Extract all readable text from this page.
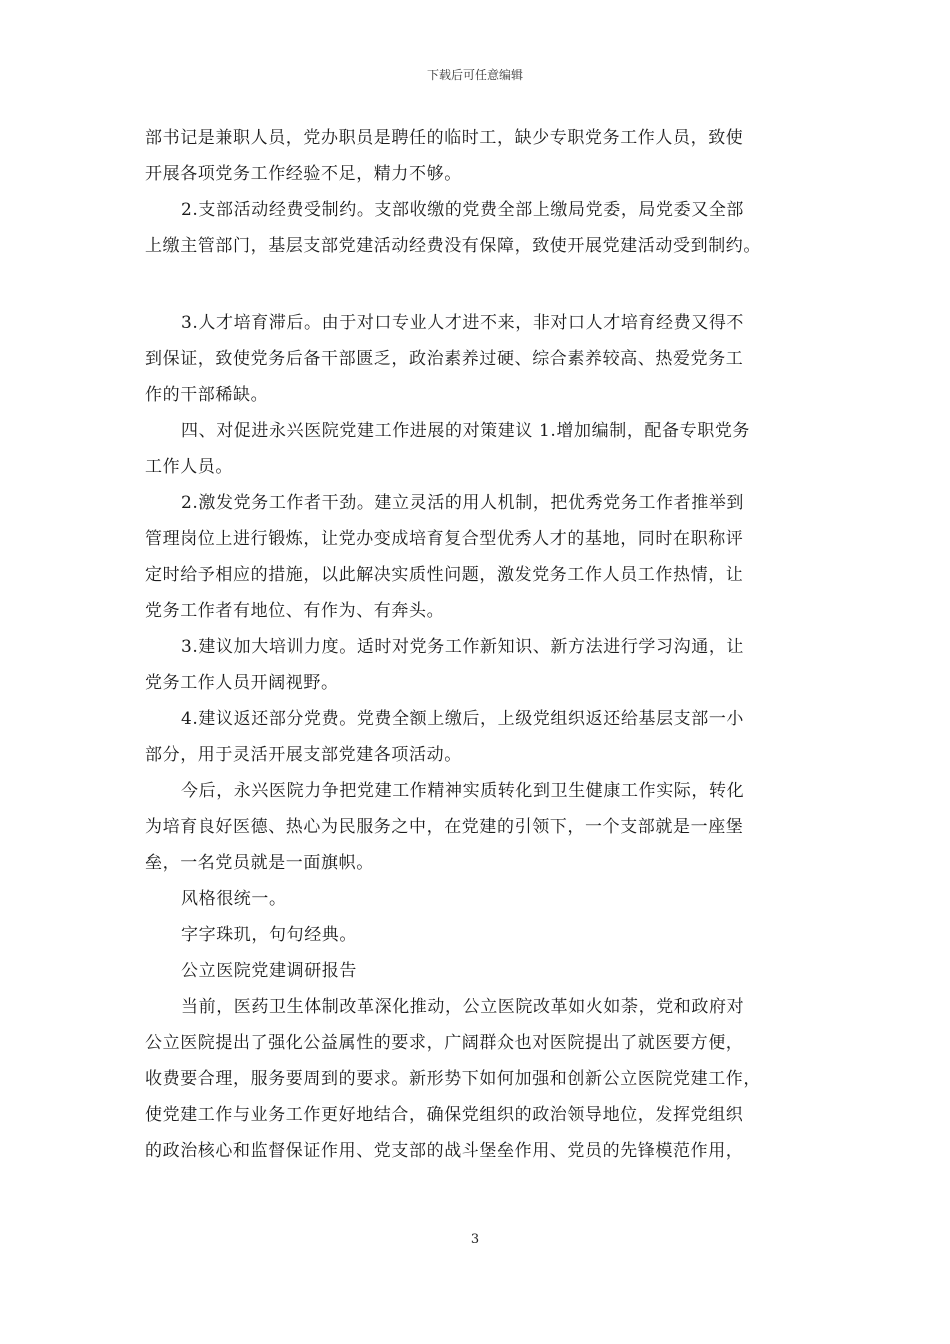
下载后可任意编辑
部书记是兼职人员，党办职员是聘任的临时工，缺少专职党务工作人员，致使
开展各项党务工作经验不足，精力不够。
2.支部活动经费受制约。支部收缴的党费全部上缴局党委，局党委又全部
上缴主管部门，基层支部党建活动经费没有保障，致使开展党建活动受到制约。
3.人才培育滞后。由于对口专业人才进不来，非对口人才培育经费又得不
到保证，致使党务后备干部匮乏，政治素养过硬、综合素养较高、热爱党务工
作的干部稀缺。
四、对促进永兴医院党建工作进展的对策建议 1.增加编制，配备专职党务
工作人员。
2.激发党务工作者干劲。建立灵活的用人机制，把优秀党务工作者推举到
管理岗位上进行锻炼，让党办变成培育复合型优秀人才的基地，同时在职称评
定时给予相应的措施，以此解决实质性问题，激发党务工作人员工作热情，让
党务工作者有地位、有作为、有奔头。
3.建议加大培训力度。适时对党务工作新知识、新方法进行学习沟通，让
党务工作人员开阔视野。
4.建议返还部分党费。党费全额上缴后，上级党组织返还给基层支部一小
部分，用于灵活开展支部党建各项活动。
今后，永兴医院力争把党建工作精神实质转化到卫生健康工作实际，转化
为培育良好医德、热心为民服务之中，在党建的引领下，一个支部就是一座堡
垒，一名党员就是一面旗帜。
风格很统一。
字字珠玑，句句经典。
公立医院党建调研报告
当前，医药卫生体制改革深化推动，公立医院改革如火如荼，党和政府对
公立医院提出了强化公益属性的要求，广阔群众也对医院提出了就医要方便，
收费要合理，服务要周到的要求。新形势下如何加强和创新公立医院党建工作，
使党建工作与业务工作更好地结合，确保党组织的政治领导地位，发挥党组织
的政治核心和监督保证作用、党支部的战斗堡垒作用、党员的先锋模范作用，
3
